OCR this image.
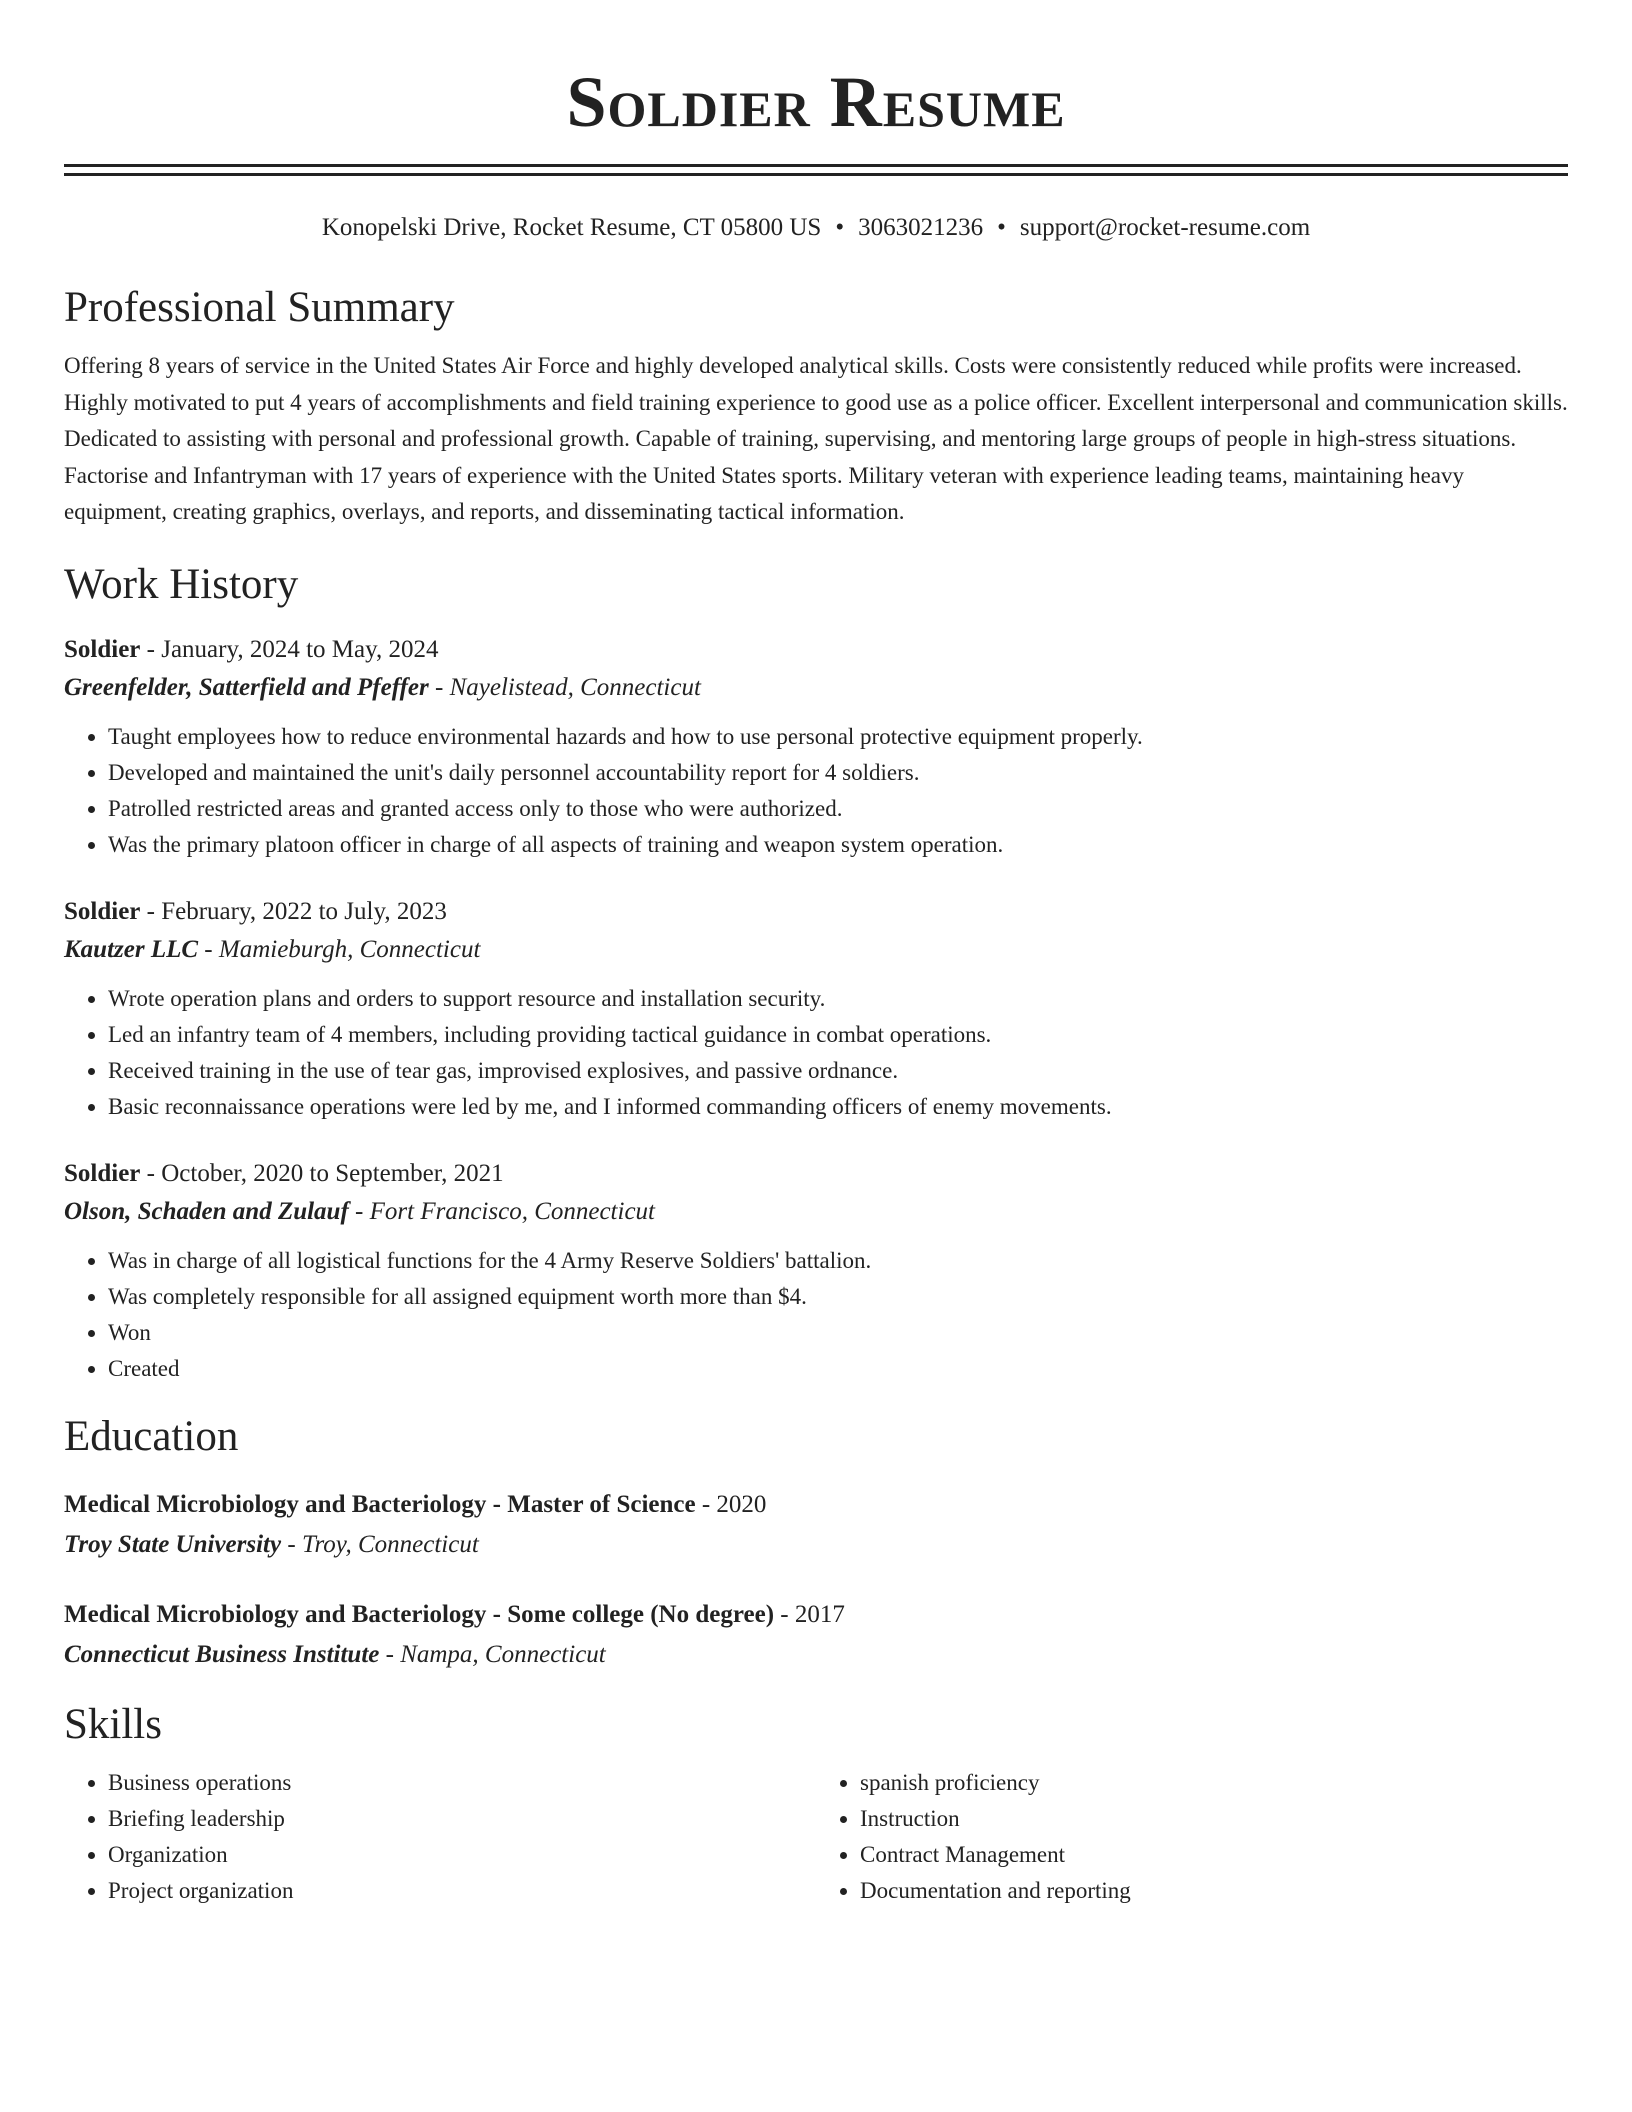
Soldier Resume
Konopelski Drive, Rocket Resume, CT 05800 US • 3063021236 • support@rocket-resume.com
Professional Summary
Offering 8 years of service in the United States Air Force and highly developed analytical skills. Costs were consistently reduced while profits were increased. Highly motivated to put 4 years of accomplishments and field training experience to good use as a police officer. Excellent interpersonal and communication skills. Dedicated to assisting with personal and professional growth. Capable of training, supervising, and mentoring large groups of people in high-stress situations. Factorise and Infantryman with 17 years of experience with the United States sports. Military veteran with experience leading teams, maintaining heavy equipment, creating graphics, overlays, and reports, and disseminating tactical information.
Work History
Soldier - January, 2024 to May, 2024
Greenfelder, Satterfield and Pfeffer - Nayelistead, Connecticut
• Taught employees how to reduce environmental hazards and how to use personal protective equipment properly.
• Developed and maintained the unit's daily personnel accountability report for 4 soldiers.
• Patrolled restricted areas and granted access only to those who were authorized.
• Was the primary platoon officer in charge of all aspects of training and weapon system operation.
Soldier - February, 2022 to July, 2023
Kautzer LLC - Mamieburgh, Connecticut
• Wrote operation plans and orders to support resource and installation security.
• Led an infantry team of 4 members, including providing tactical guidance in combat operations.
• Received training in the use of tear gas, improvised explosives, and passive ordnance.
• Basic reconnaissance operations were led by me, and I informed commanding officers of enemy movements.
Soldier - October, 2020 to September, 2021
Olson, Schaden and Zulauf - Fort Francisco, Connecticut
• Was in charge of all logistical functions for the 4 Army Reserve Soldiers' battalion.
• Was completely responsible for all assigned equipment worth more than $4.
• Won
• Created
Education
Medical Microbiology and Bacteriology - Master of Science - 2020
Troy State University - Troy, Connecticut
Medical Microbiology and Bacteriology - Some college (No degree) - 2017
Connecticut Business Institute - Nampa, Connecticut
Skills
• Business operations
• Briefing leadership
• Organization
• Project organization
• spanish proficiency
• Instruction
• Contract Management
• Documentation and reporting
